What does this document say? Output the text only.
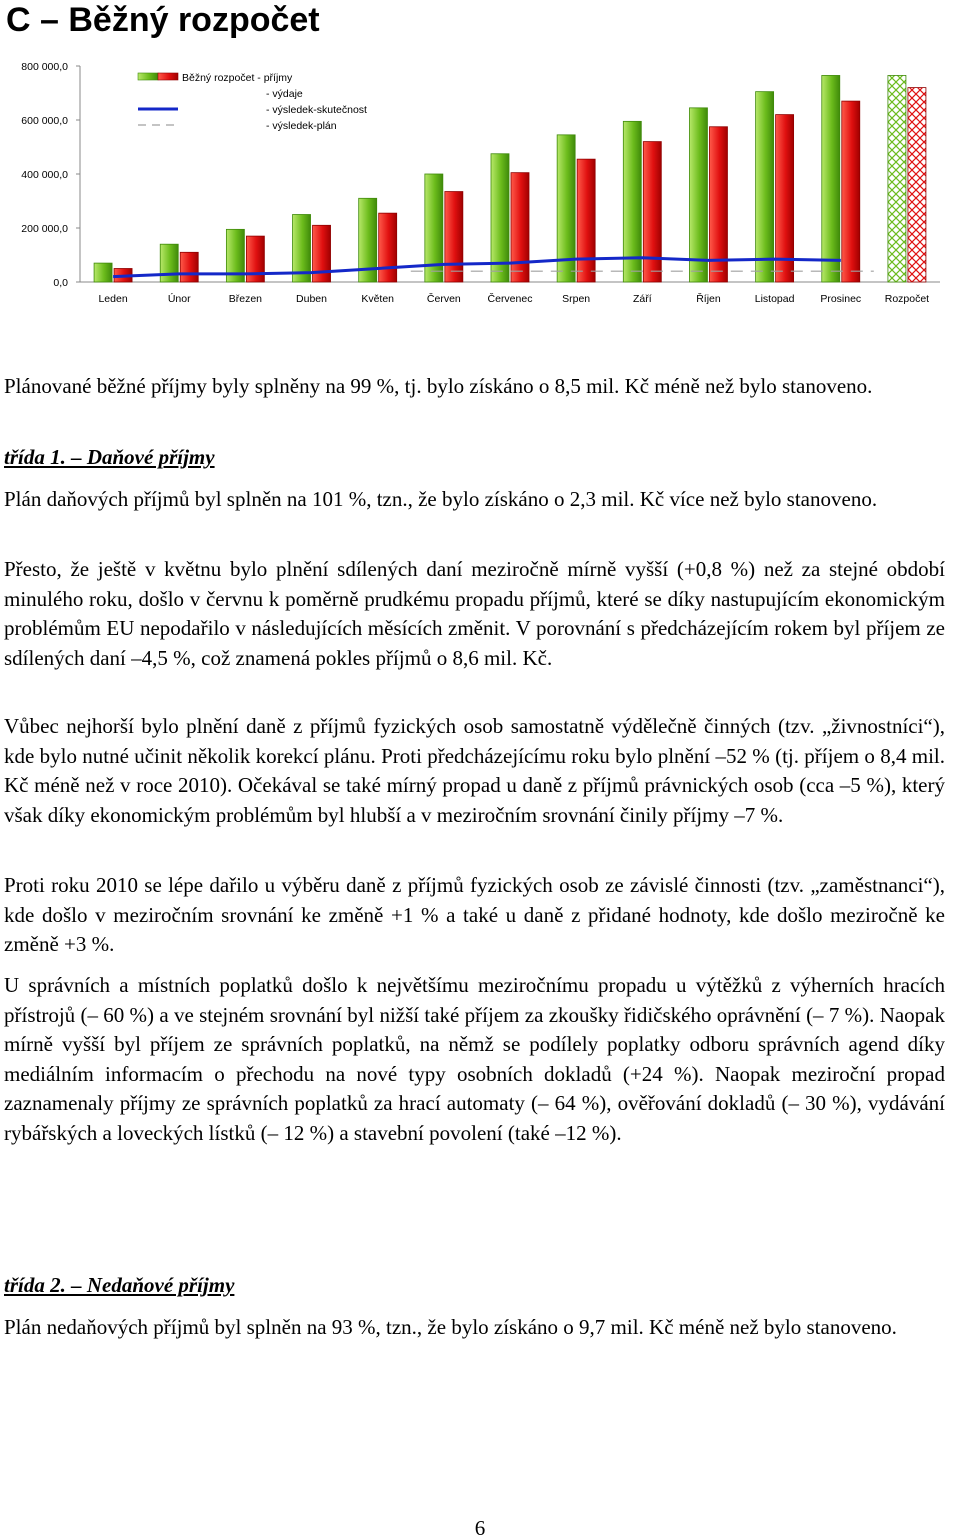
C – Běžný rozpočet
800 000,0
600 000,0
400 000,0
200 000,0
0,0
Leden	Únor	Březen	Duben	Květen	Červen	Červenec	Srpen	Září	Říjen	Listopad Prosinec Rozpočet
Běžný rozpočet - příjmy
- výdaje
- výsledek-skutečnost
- výsledek-plán

Plánované běžné příjmy byly splněny na 99 %, tj. bylo získáno o 8,5 mil. Kč méně než bylo stanoveno.

třída 1. – Daňové příjmy

Plán daňových příjmů byl splněn na 101 %, tzn., že bylo získáno o 2,3 mil. Kč více než bylo stanoveno.

Přesto, že ještě v květnu bylo plnění sdílených daní meziročně mírně vyšší (+0,8 %) než za stejné období minulého roku, došlo v červnu k poměrně prudkému propadu příjmů, které se díky nastupujícím ekonomickým problémům EU nepodařilo v následujících měsících změnit. V porovnání s předcházejícím rokem byl příjem ze sdílených daní –4,5 %, což znamená pokles příjmů o 8,6 mil. Kč.

Vůbec nejhorší bylo plnění daně z příjmů fyzických osob samostatně výdělečně činných (tzv. „živnostníci“), kde bylo nutné učinit několik korekcí plánu. Proti předcházejícímu roku bylo plnění –52 % (tj. příjem o 8,4 mil. Kč méně než v roce 2010). Očekával se také mírný propad u daně z příjmů právnických osob (cca –5 %), který však díky ekonomickým problémům byl hlubší a v meziročním srovnání činily příjmy –7 %.

Proti roku 2010 se lépe dařilo u výběru daně z příjmů fyzických osob ze závislé činnosti (tzv. „zaměstnanci“), kde došlo v meziročním srovnání ke změně +1 % a také u daně z přidané hodnoty, kde došlo meziročně ke změně +3 %.

U správních a místních poplatků došlo k největšímu meziročnímu propadu u výtěžků z výherních hracích přístrojů (– 60 %) a ve stejném srovnání byl nižší také příjem za zkoušky řidičského oprávnění (– 7 %). Naopak mírně vyšší byl příjem ze správních poplatků, na němž se podílely poplatky odboru správních agend díky mediálním informacím o přechodu na nové typy osobních dokladů (+24 %). Naopak meziroční propad zaznamenaly příjmy ze správních poplatků za hrací automaty (– 64 %), ověřování dokladů (– 30 %), vydávání rybářských a loveckých lístků (– 12 %) a stavební povolení (také –12 %).

třída 2. – Nedaňové příjmy

Plán nedaňových příjmů byl splněn na 93 %, tzn., že bylo získáno o 9,7 mil. Kč méně než bylo stanoveno.

6
